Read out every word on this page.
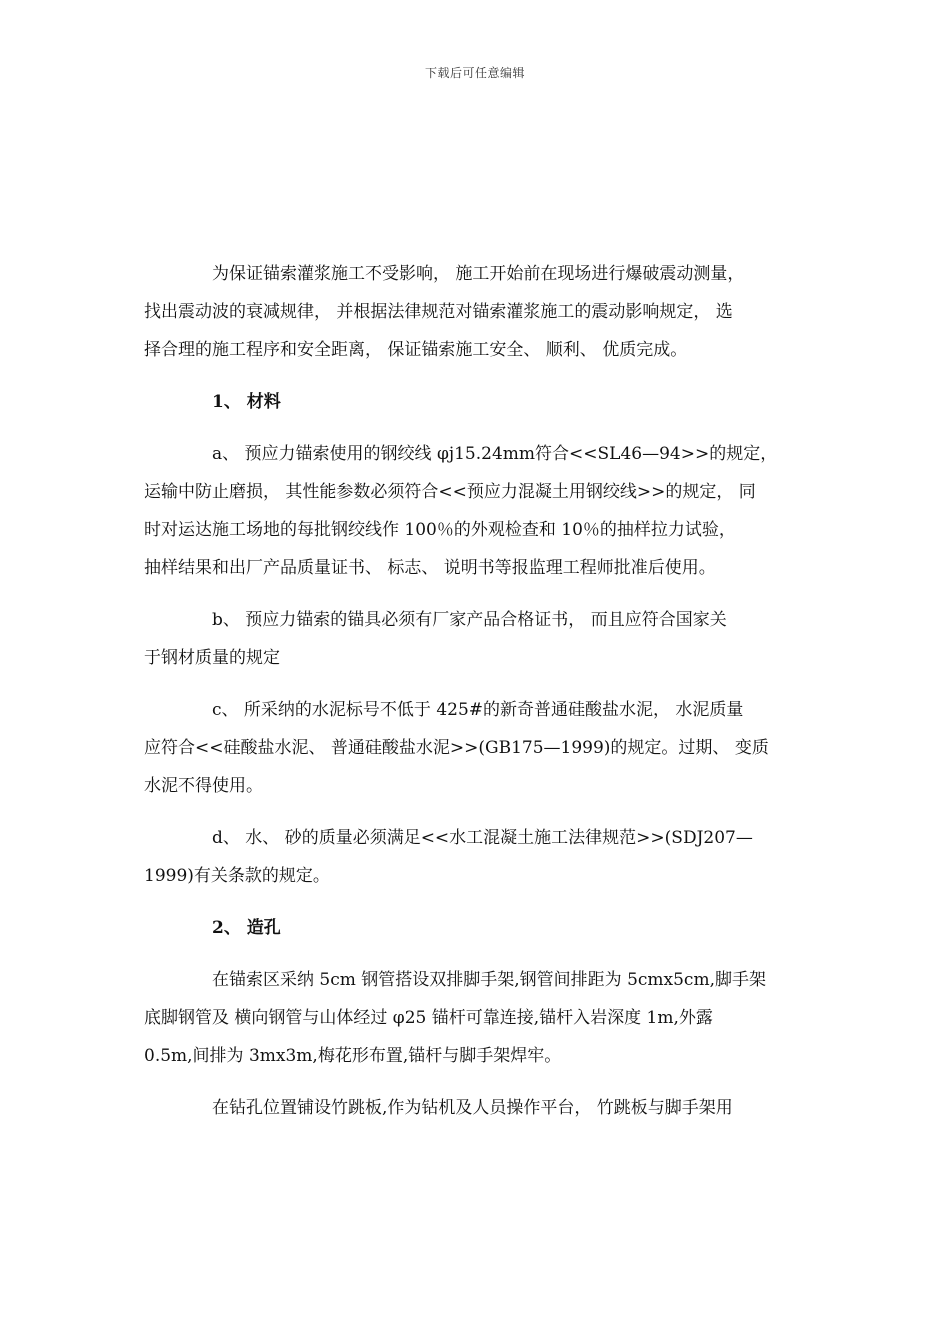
下载后可任意编辑

为保证锚索灌浆施工不受影响， 施工开始前在现场进行爆破震动测量，
找出震动波的衰减规律， 并根据法律规范对锚索灌浆施工的震动影响规定， 选
择合理的施工程序和安全距离， 保证锚索施工安全、 顺利、 优质完成。

1、 材料

a、 预应力锚索使用的钢绞线 φj15.24mm符合<<SL46—94>>的规定，
运输中防止磨损， 其性能参数必须符合<<预应力混凝土用钢绞线>>的规定， 同
时对运达施工场地的每批钢绞线作 100％的外观检查和 10％的抽样拉力试验，
抽样结果和出厂产品质量证书、 标志、 说明书等报监理工程师批准后使用。

b、 预应力锚索的锚具必须有厂家产品合格证书， 而且应符合国家关
于钢材质量的规定

c、 所采纳的水泥标号不低于 425#的新奇普通硅酸盐水泥， 水泥质量
应符合<<硅酸盐水泥、 普通硅酸盐水泥>>(GB175—1999)的规定。过期、 变质
水泥不得使用。

d、 水、 砂的质量必须满足<<水工混凝土施工法律规范>>(SDJ207—
1999)有关条款的规定。

2、 造孔

在锚索区采纳 5cm 钢管搭设双排脚手架,钢管间排距为 5cmx5cm,脚手架
底脚钢管及 横向钢管与山体经过 φ25 锚杆可靠连接,锚杆入岩深度 1m,外露
0.5m,间排为 3mx3m,梅花形布置,锚杆与脚手架焊牢。

在钻孔位置铺设竹跳板,作为钻机及人员操作平台， 竹跳板与脚手架用
